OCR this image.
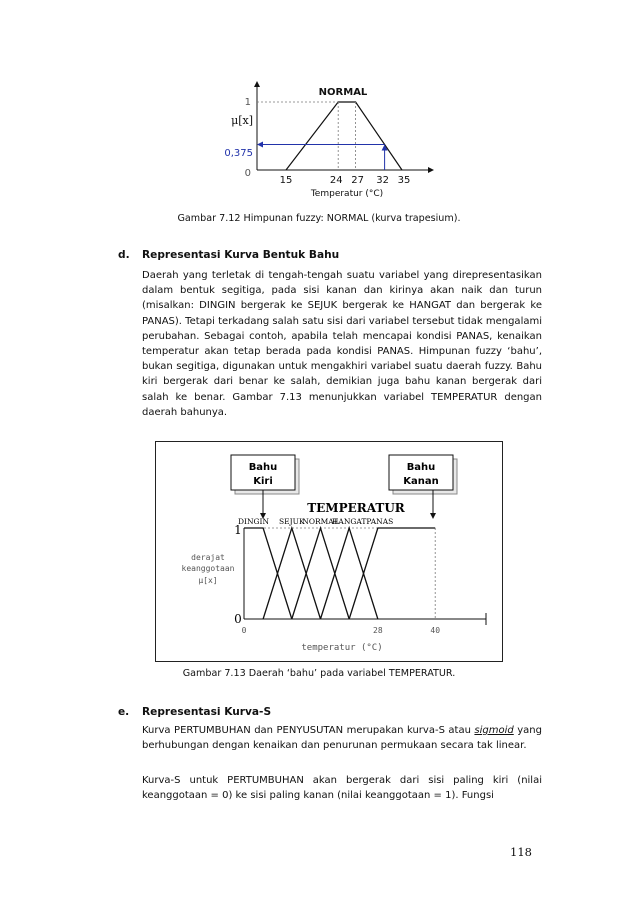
1
μ[x]
0,375
0
NORMAL
15	24 27 32 35
Temperatur (°C)
Gambar 7.12 Himpunan fuzzy: NORMAL (kurva trapesium).
d. Representasi Kurva Bentuk Bahu

Daerah yang terletak di tengah-tengah suatu variabel yang direpresentasikan dalam bentuk segitiga, pada sisi kanan dan kirinya akan naik dan turun (misalkan: DINGIN bergerak ke SEJUK bergerak ke HANGAT dan bergerak ke PANAS). Tetapi terkadang salah satu sisi dari variabel tersebut tidak mengalami perubahan. Sebagai contoh, apabila telah mencapai kondisi PANAS, kenaikan temperatur akan tetap berada pada kondisi PANAS. Himpunan fuzzy ‘bahu’, bukan segitiga, digunakan untuk mengakhiri variabel suatu daerah fuzzy. Bahu kiri bergerak dari benar ke salah, demikian juga bahu kanan bergerak dari salah ke benar. Gambar 7.13 menunjukkan variabel TEMPERATUR dengan daerah bahunya.

Bahu
Kiri
Bahu
Kanan
TEMPERATUR
DINGIN SEJUK
NORMAL
HANGAT PANAS
1
0
derajat
keanggotaan
μ[x]
0	28	40
temperatur (°C)
Gambar 7.13 Daerah ‘bahu’ pada variabel TEMPERATUR.
e. Representasi Kurva-S

Kurva PERTUMBUHAN dan PENYUSUTAN merupakan kurva-S atau sigmoid yang berhubungan dengan kenaikan dan penurunan permukaan secara tak linear.

Kurva-S untuk PERTUMBUHAN akan bergerak dari sisi paling kiri (nilai keanggotaan = 0) ke sisi paling kanan (nilai keanggotaan = 1). Fungsi

118
